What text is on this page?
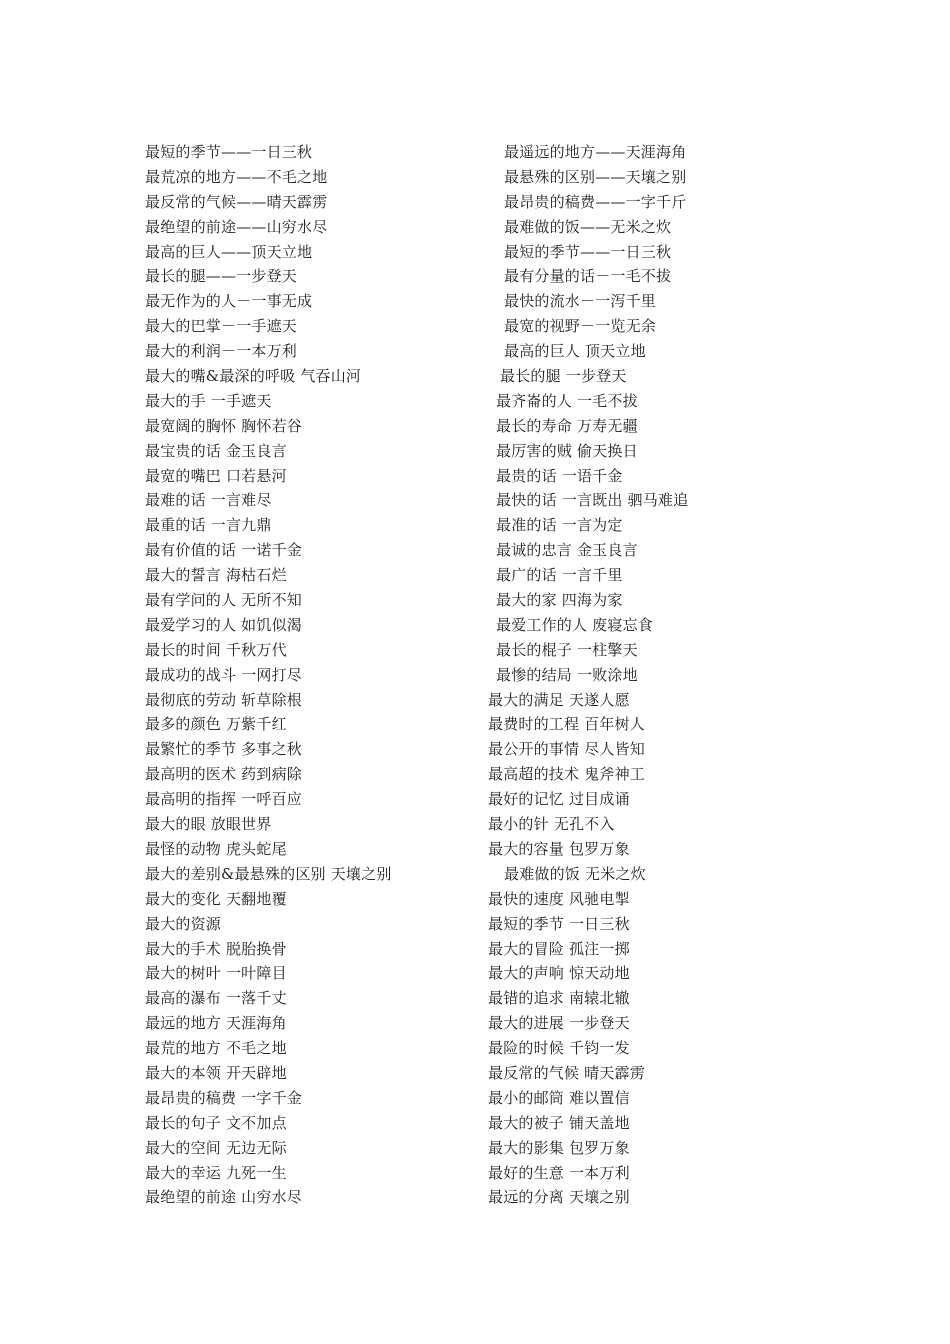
最短的季节——一日三秋
最荒凉的地方——不毛之地
最反常的气候——晴天霹雳
最绝望的前途——山穷水尽
最高的巨人——顶天立地
最长的腿——一步登天
最无作为的人－一事无成
最大的巴掌－一手遮天
最大的利润－一本万利
最大的嘴&最深的呼吸 气吞山河
最大的手 一手遮天
最宽阔的胸怀 胸怀若谷
最宝贵的话 金玉良言
最宽的嘴巴 口若悬河
最难的话 一言难尽
最重的话 一言九鼎
最有价值的话 一诺千金
最大的誓言 海枯石烂
最有学问的人 无所不知
最爱学习的人 如饥似渴
最长的时间 千秋万代
最成功的战斗 一网打尽
最彻底的劳动 斩草除根
最多的颜色 万紫千红
最繁忙的季节 多事之秋
最高明的医术 药到病除
最高明的指挥 一呼百应
最大的眼 放眼世界
最怪的动物 虎头蛇尾
最大的差别&最悬殊的区别 天壤之别
最大的变化 天翻地覆
最大的资源
最大的手术 脱胎换骨
最大的树叶 一叶障目
最高的瀑布 一落千丈
最远的地方 天涯海角
最荒的地方 不毛之地
最大的本领 开天辟地
最昂贵的稿费 一字千金
最长的句子 文不加点
最大的空间 无边无际
最大的幸运 九死一生
最绝望的前途 山穷水尽
最遥远的地方——天涯海角
最悬殊的区别——天壤之别
最昂贵的稿费——一字千斤
最难做的饭——无米之炊
最短的季节——一日三秋
最有分量的话－一毛不拔
最快的流水－一泻千里
最宽的视野－一览无余
最高的巨人 顶天立地
最长的腿 一步登天
最齐崙的人 一毛不拔
最长的寿命 万寿无疆
最厉害的贼 偷天换日
最贵的话 一语千金
最快的话 一言既出 驷马难追
最准的话 一言为定
最诚的忠言 金玉良言
最广的话 一言千里
最大的家 四海为家
最爱工作的人 废寝忘食
最长的棍子 一柱擎天
最惨的结局 一败涂地
最大的满足 天遂人愿
最费时的工程 百年树人
最公开的事情 尽人皆知
最高超的技术 鬼斧神工
最好的记忆 过目成诵
最小的针 无孔不入
最大的容量 包罗万象
最难做的饭 无米之炊
最快的速度 风驰电掣
最短的季节 一日三秋
最大的冒险 孤注一掷
最大的声响 惊天动地
最错的追求 南辕北辙
最大的进展 一步登天
最险的时候 千钧一发
最反常的气候 晴天霹雳
最小的邮筒 难以置信
最大的被子 铺天盖地
最大的影集 包罗万象
最好的生意 一本万利
最远的分离 天壤之别
